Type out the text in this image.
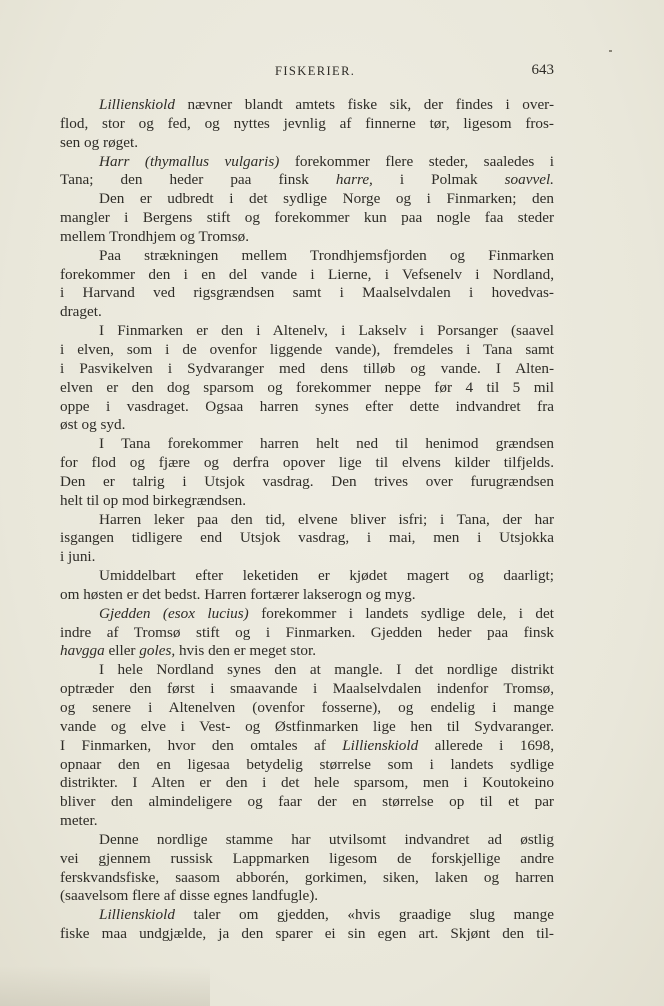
FISKERIER.	643
Lillienskiold nævner blandt amtets fiske sik, der findes i over-
flod, stor og fed, og nyttes jevnlig af finnerne tør, ligesom fros-
sen og røget.
Harr (thymallus vulgaris) forekommer flere steder, saaledes i
Tana; den heder paa finsk harre, i Polmak soavvel.
Den er udbredt i det sydlige Norge og i Finmarken; den
mangler i Bergens stift og forekommer kun paa nogle faa steder
mellem Trondhjem og Tromsø.
Paa strækningen mellem Trondhjemsfjorden og Finmarken
forekommer den i en del vande i Lierne, i Vefsenelv i Nordland,
i Harvand ved rigsgrændsen samt i Maalselvdalen i hovedvas-
draget.
I Finmarken er den i Altenelv, i Lakselv i Porsanger (saavel
i elven, som i de ovenfor liggende vande), fremdeles i Tana samt
i Pasvikelven i Sydvaranger med dens tilløb og vande. I Alten-
elven er den dog sparsom og forekommer neppe før 4 til 5 mil
oppe i vasdraget. Ogsaa harren synes efter dette indvandret fra
øst og syd.
I Tana forekommer harren helt ned til henimod grændsen
for flod og fjære og derfra opover lige til elvens kilder tilfjelds.
Den er talrig i Utsjok vasdrag. Den trives over furugrændsen
helt til op mod birkegrændsen.
Harren leker paa den tid, elvene bliver isfri; i Tana, der har
isgangen tidligere end Utsjok vasdrag, i mai, men i Utsjokka
i juni.
Umiddelbart efter leketiden er kjødet magert og daarligt;
om høsten er det bedst. Harren fortærer lakserogn og myg.
Gjedden (esox lucius) forekommer i landets sydlige dele, i det
indre af Tromsø stift og i Finmarken. Gjedden heder paa finsk
havgga eller goles, hvis den er meget stor.
I hele Nordland synes den at mangle. I det nordlige distrikt
optræder den først i smaavande i Maalselvdalen indenfor Tromsø,
og senere i Altenelven (ovenfor fosserne), og endelig i mange
vande og elve i Vest- og Østfinmarken lige hen til Sydvaranger.
I Finmarken, hvor den omtales af Lillienskiold allerede i 1698,
opnaar den en ligesaa betydelig størrelse som i landets sydlige
distrikter. I Alten er den i det hele sparsom, men i Koutokeino
bliver den almindeligere og faar der en størrelse op til et par
meter.
Denne nordlige stamme har utvilsomt indvandret ad østlig
vei gjennem russisk Lappmarken ligesom de forskjellige andre
ferskvandsfiske, saasom abborén, gorkimen, siken, laken og harren
(saavelsom flere af disse egnes landfugle).
Lillienskiold taler om gjedden, «hvis graadige slug mange
fiske maa undgjælde, ja den sparer ei sin egen art. Skjønt den til-
